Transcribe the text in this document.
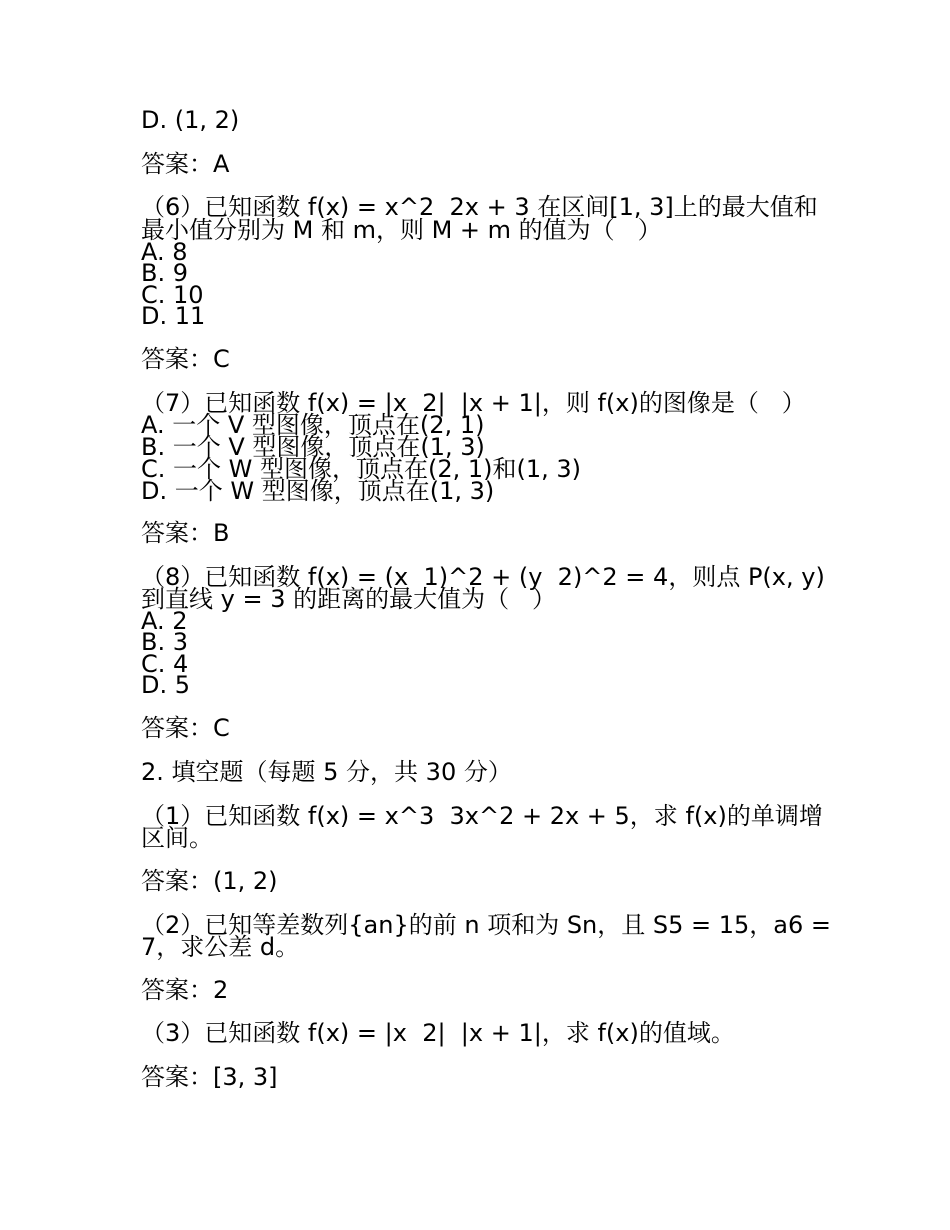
D. (1, 2)
答案：A
（6）已知函数 f(x) = x^2  2x + 3 在区间[1, 3]上的最大值和
最小值分别为 M 和 m，则 M + m 的值为（   ）
A. 8
B. 9
C. 10
D. 11
答案：C
（7）已知函数 f(x) = |x  2|  |x + 1|，则 f(x)的图像是（   ）
A. 一个 V 型图像，顶点在(2, 1)
B. 一个 V 型图像，顶点在(1, 3)
C. 一个 W 型图像，顶点在(2, 1)和(1, 3)
D. 一个 W 型图像，顶点在(1, 3)
答案：B
（8）已知函数 f(x) = (x  1)^2 + (y  2)^2 = 4，则点 P(x, y)
到直线 y = 3 的距离的最大值为（   ）
A. 2
B. 3
C. 4
D. 5
答案：C
2. 填空题（每题 5 分，共 30 分）
（1）已知函数 f(x) = x^3  3x^2 + 2x + 5，求 f(x)的单调增
区间。
答案：(1, 2)
（2）已知等差数列{an}的前 n 项和为 Sn，且 S5 = 15，a6 =
7，求公差 d。
答案：2
（3）已知函数 f(x) = |x  2|  |x + 1|，求 f(x)的值域。
答案：[3, 3]
